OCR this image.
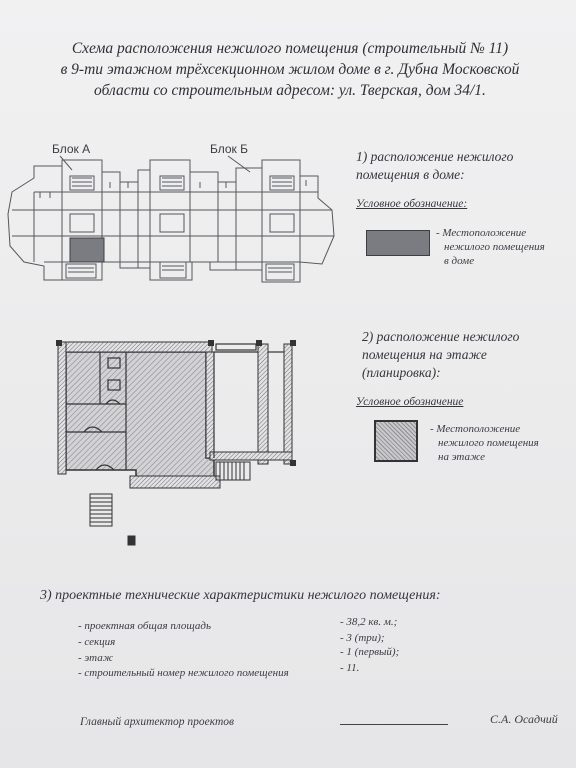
Схема расположения нежилого помещения (строительный № 11)
в 9-ти этажном трёхсекционном жилом доме в г. Дубна Московской
области со строительным адресом: ул. Тверская, дом 34/1.
Блок А	Блок Б	1) расположение нежилого
помещения в доме:
Условное обозначение:
- Местоположение
нежилого помещения
в доме
2) расположение нежилого
помещения на этаже
(планировка):
Условное обозначение
- Местоположение
нежилого помещения
на этаже
3) проектные технические характеристики нежилого помещения:
- проектная общая площадь	- 38,2 кв. м.;
- секция	- 3 (три);
- этаж	- 1 (первый);
- строительный номер нежилого помещения	- 11.
Главный архитектор проектов	С.А. Осадчий
